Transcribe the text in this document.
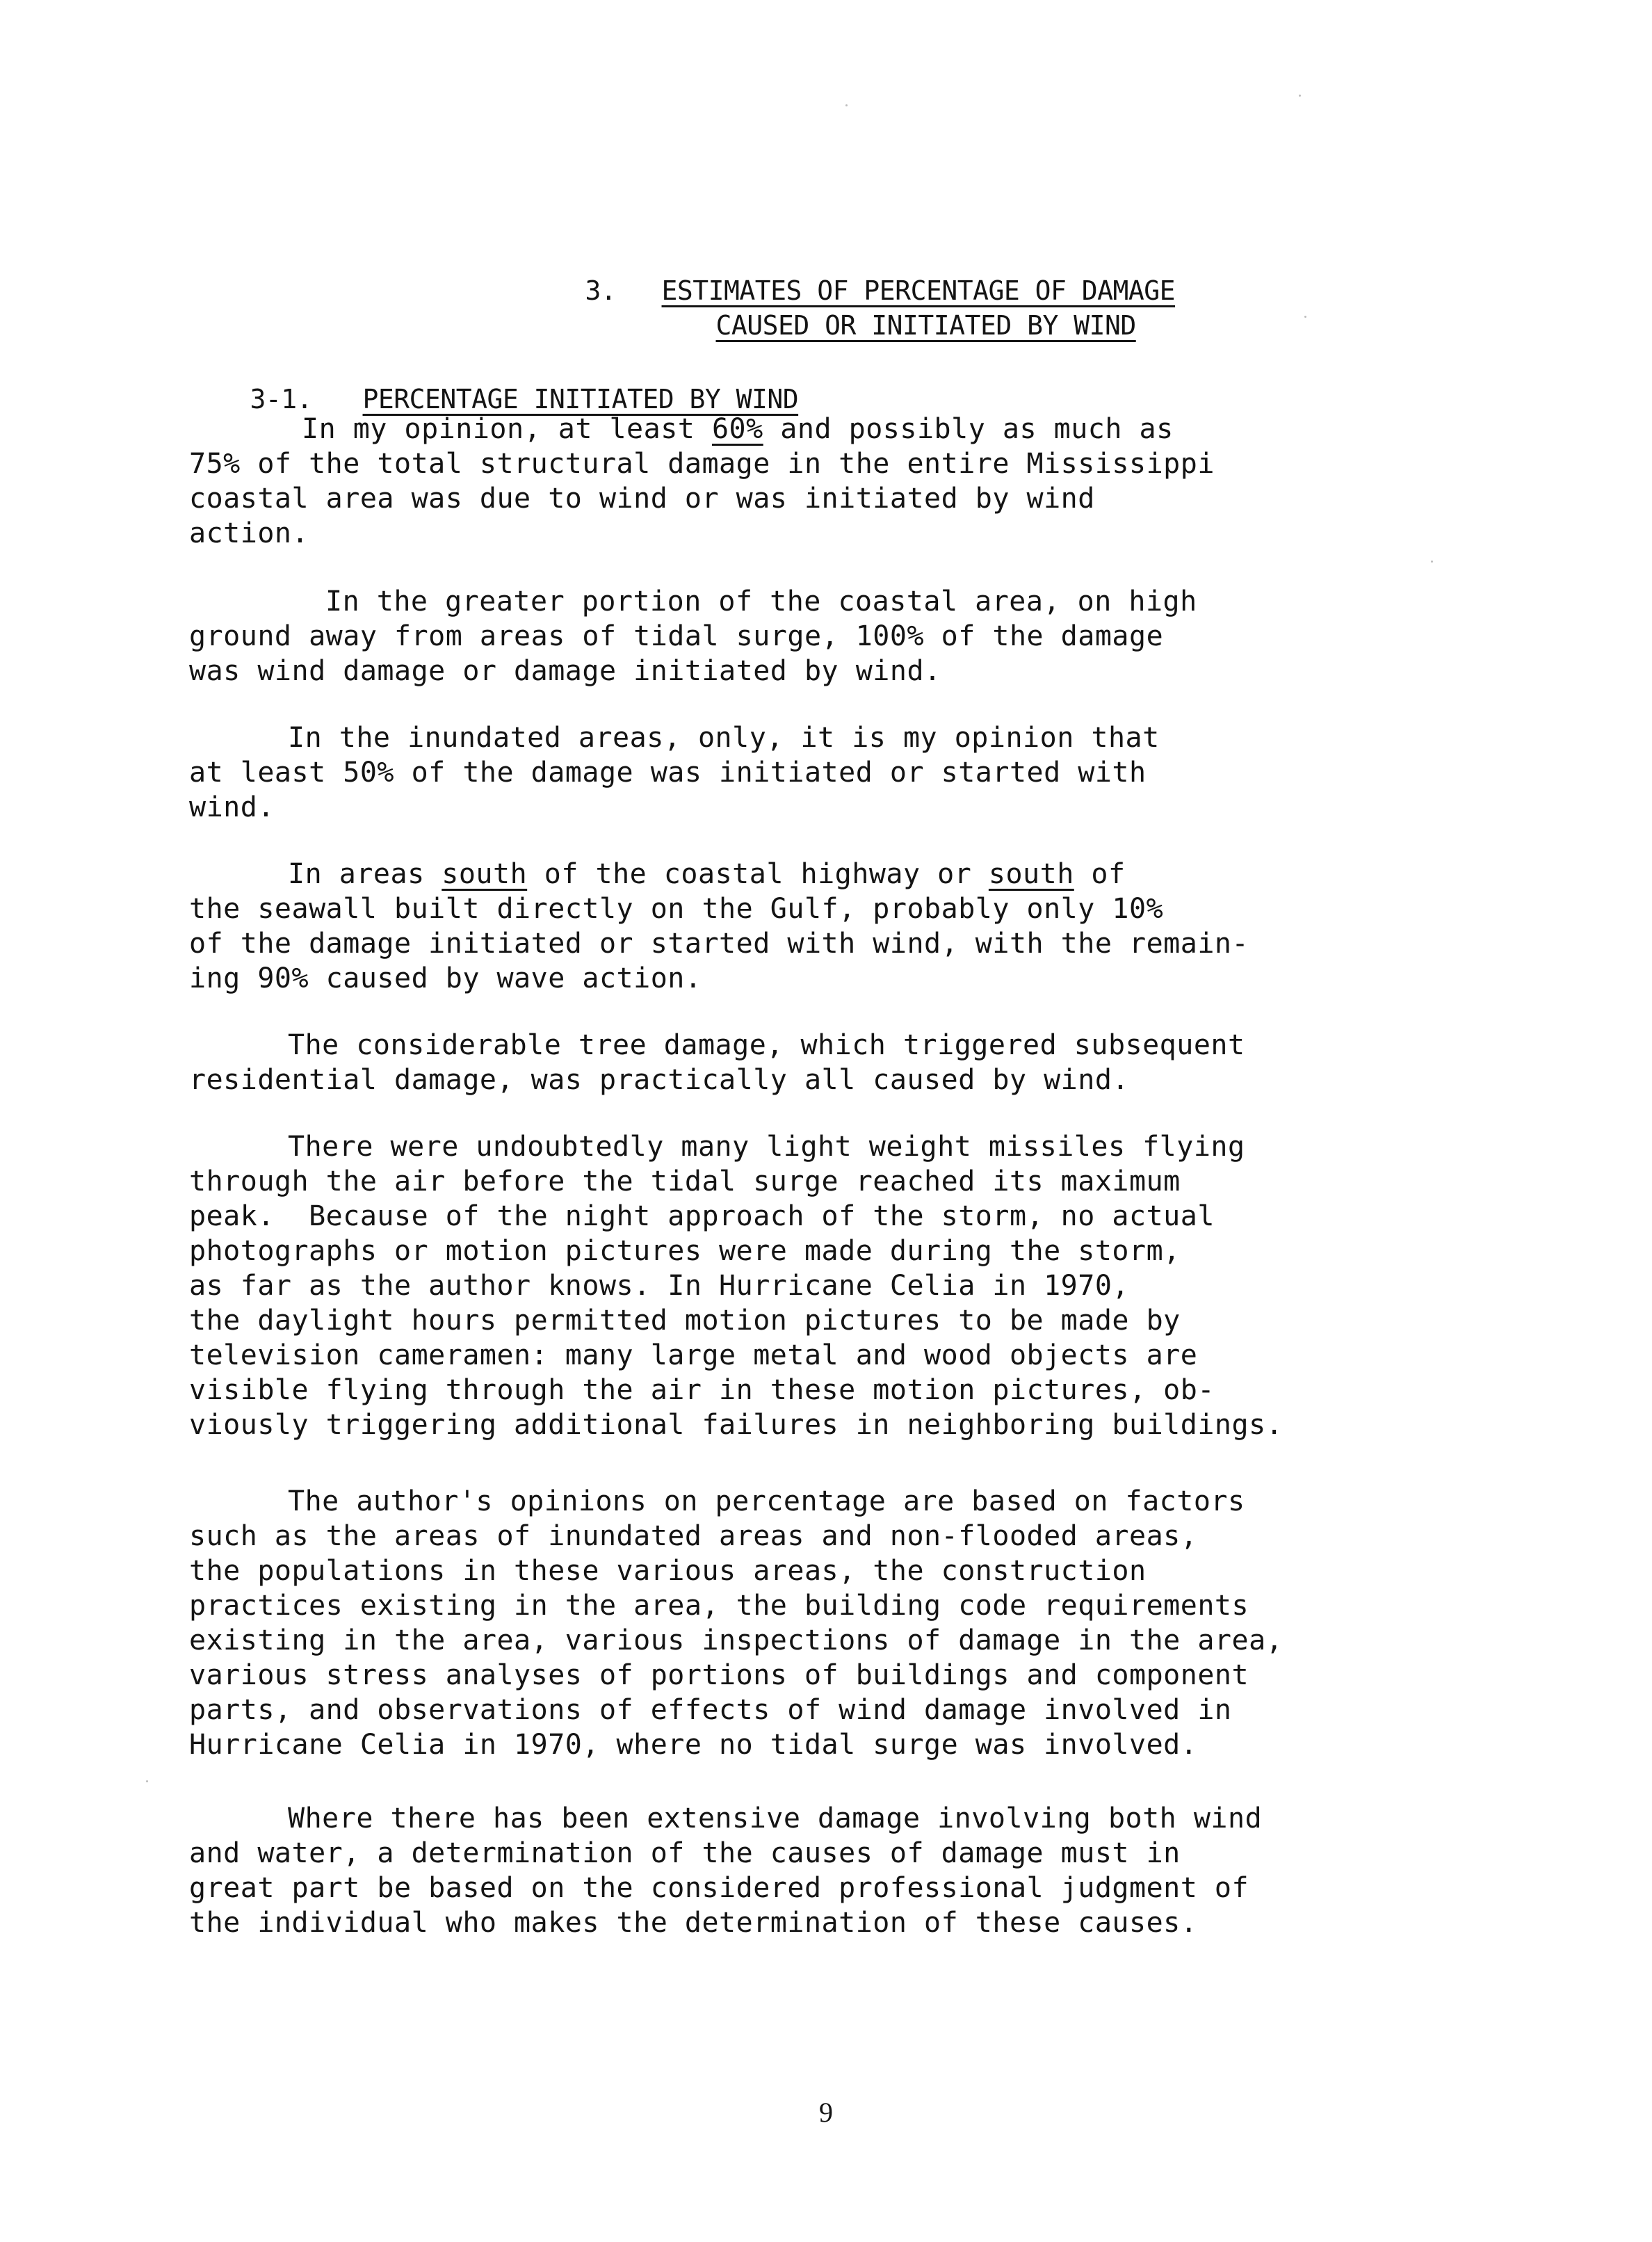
3.
	ESTIMATES OF PERCENTAGE OF DAMAGE

CAUSED OR INITIATED BY WIND

3-1.
	PERCENTAGE INITIATED BY WIND

In my opinion, at least 60% and possibly as much as
75% of the total structural damage in the entire Mississippi
coastal area was due to wind or was initiated by wind
action.
In the greater portion of the coastal area, on high
ground away from areas of tidal surge, 100% of the damage
was wind damage or damage initiated by wind.
In the inundated areas, only, it is my opinion that
at least 50% of the damage was initiated or started with
wind.
In areas south of the coastal highway or south of
the seawall built directly on the Gulf, probably only 10%
of the damage initiated or started with wind, with the remain-
ing 90% caused by wave action.
The considerable tree damage, which triggered subsequent
residential damage, was practically all caused by wind.
There were undoubtedly many light weight missiles flying
through the air before the tidal surge reached its maximum
peak.  Because of the night approach of the storm, no actual
photographs or motion pictures were made during the storm,
as far as the author knows. In Hurricane Celia in 1970,
the daylight hours permitted motion pictures to be made by
television cameramen: many large metal and wood objects are
visible flying through the air in these motion pictures, ob-
viously triggering additional failures in neighboring buildings.
The author's opinions on percentage are based on factors
such as the areas of inundated areas and non-flooded areas,
the populations in these various areas, the construction
practices existing in the area, the building code requirements
existing in the area, various inspections of damage in the area,
various stress analyses of portions of buildings and component
parts, and observations of effects of wind damage involved in
Hurricane Celia in 1970, where no tidal surge was involved.
Where there has been extensive damage involving both wind
and water, a determination of the causes of damage must in
great part be based on the considered professional judgment of
the individual who makes the determination of these causes.
9
